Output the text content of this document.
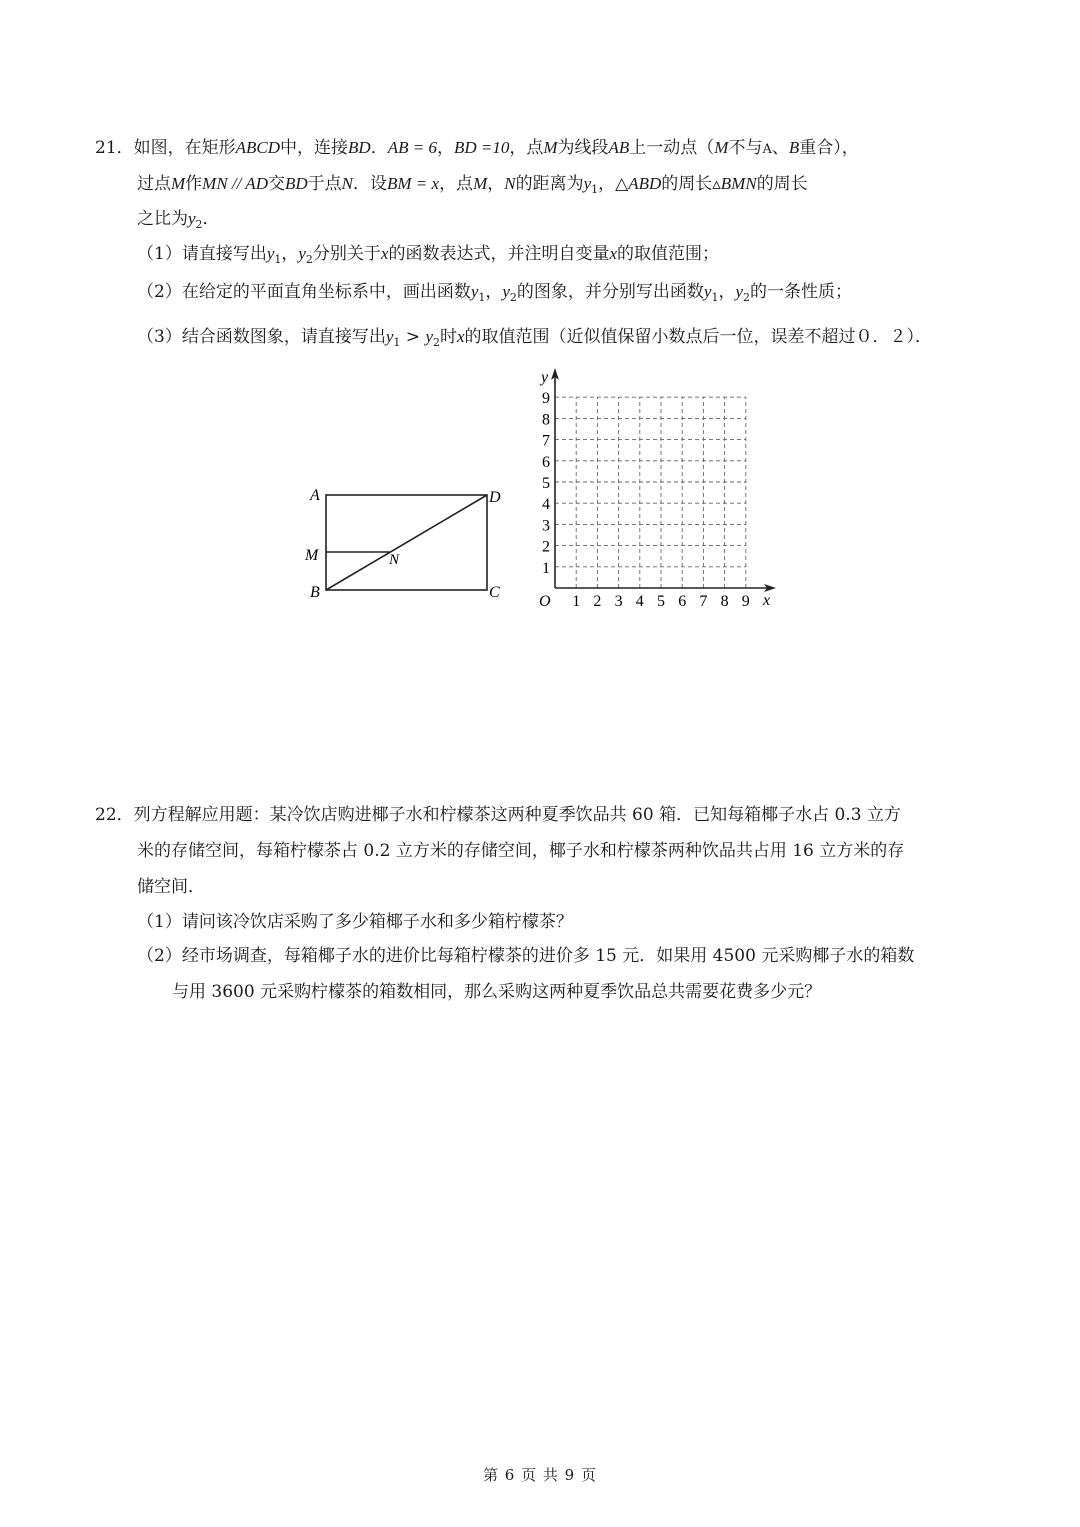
21．如图，在矩形ABCD中，连接BD．AB = 6，BD =10，点M为线段AB上一动点（M不与A、B重合），
过点M作MN // AD交BD于点N．设BM = x，点M，N的距离为$y_1$，△ABD的周长▵BMN的周长
之比为$y_2$．
（1）请直接写出$y_1$，$y_2$分别关于x的函数表达式，并注明自变量x的取值范围；
（2）在给定的平面直角坐标系中，画出函数$y_1$，$y_2$的图象，并分别写出函数$y_1$，$y_2$的一条性质；
（3）结合函数图象，请直接写出$y_1 > y_2$时x的取值范围（近似值保留小数点后一位，误差不超过０．２）．
A	D
M	N
B	C
y
x
O 1 2 3 4 5 6 7 8 9
1
2
3
4
5
6
7
8
9
22．列方程解应用题：某冷饮店购进椰子水和柠檬茶这两种夏季饮品共 60 箱．已知每箱椰子水占 0.3 立方
米的存储空间，每箱柠檬茶占 0.2 立方米的存储空间，椰子水和柠檬茶两种饮品共占用 16 立方米的存
储空间．
（1）请问该冷饮店采购了多少箱椰子水和多少箱柠檬茶？
（2）经市场调查，每箱椰子水的进价比每箱柠檬茶的进价多 15 元．如果用 4500 元采购椰子水的箱数
与用 3600 元采购柠檬茶的箱数相同，那么采购这两种夏季饮品总共需要花费多少元？
第 6 页 共 9 页
